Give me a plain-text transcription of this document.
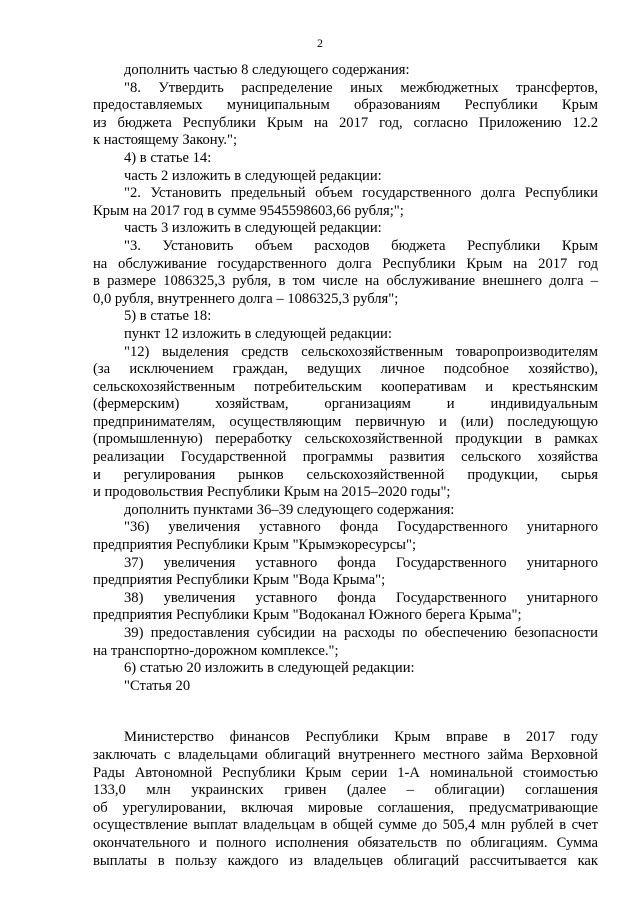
2
дополнить частью 8 следующего содержания:
"8. Утвердить распределение иных межбюджетных трансфертов,
предоставляемых муниципальным образованиям Республики Крым
из бюджета Республики Крым на 2017 год, согласно Приложению 12.2
к настоящему Закону.";
4) в статье 14:
часть 2 изложить в следующей редакции:
"2. Установить предельный объем государственного долга Республики
Крым на 2017 год в сумме 9545598603,66 рубля;";
часть 3 изложить в следующей редакции:
"3. Установить объем расходов бюджета Республики Крым
на обслуживание государственного долга Республики Крым на 2017 год
в размере 1086325,3 рубля, в том числе на обслуживание внешнего долга –
0,0 рубля, внутреннего долга – 1086325,3 рубля";
5) в статье 18:
пункт 12 изложить в следующей редакции:
"12) выделения средств сельскохозяйственным товаропроизводителям
(за исключением граждан, ведущих личное подсобное хозяйство),
сельскохозяйственным потребительским кооперативам и крестьянским
(фермерским) хозяйствам, организациям и индивидуальным
предпринимателям, осуществляющим первичную и (или) последующую
(промышленную) переработку сельскохозяйственной продукции в рамках
реализации Государственной программы развития сельского хозяйства
и регулирования рынков сельскохозяйственной продукции, сырья
и продовольствия Республики Крым на 2015–2020 годы";
дополнить пунктами 36–39 следующего содержания:
"36) увеличения уставного фонда Государственного унитарного
предприятия Республики Крым "Крымэкоресурсы";
37) увеличения уставного фонда Государственного унитарного
предприятия Республики Крым "Вода Крыма";
38) увеличения уставного фонда Государственного унитарного
предприятия Республики Крым "Водоканал Южного берега Крыма";
39) предоставления субсидии на расходы по обеспечению безопасности
на транспортно-дорожном комплексе.";
6) статью 20 изложить в следующей редакции:
"Статья 20
Министерство финансов Республики Крым вправе в 2017 году
заключать с владельцами облигаций внутреннего местного займа Верховной
Рады Автономной Республики Крым серии 1-А номинальной стоимостью
133,0 млн украинских гривен (далее – облигации) соглашения
об урегулировании, включая мировые соглашения, предусматривающие
осуществление выплат владельцам в общей сумме до 505,4 млн рублей в счет
окончательного и полного исполнения обязательств по облигациям. Сумма
выплаты в пользу каждого из владельцев облигаций рассчитывается как
